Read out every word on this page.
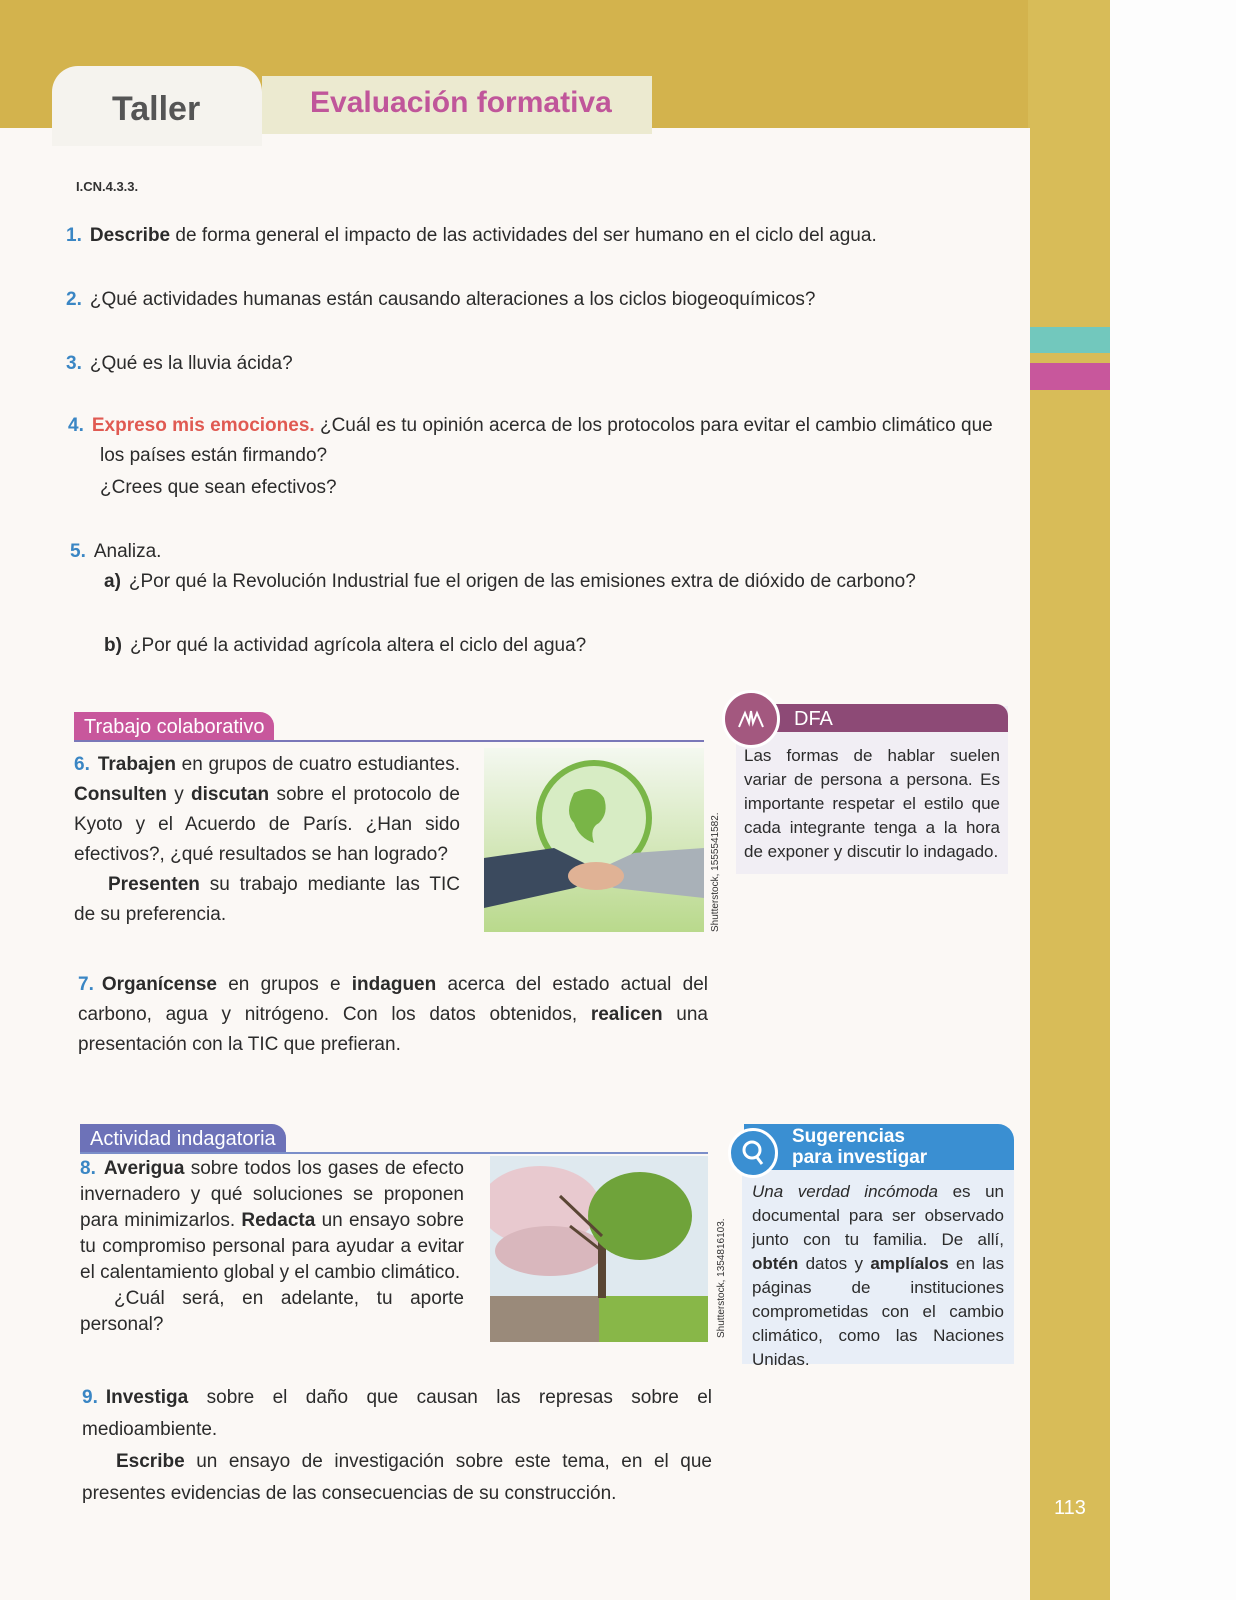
Taller	Evaluación formativa
I.CN.4.3.3.
1. Describe de forma general el impacto de las actividades del ser humano en el ciclo del agua.
2. ¿Qué actividades humanas están causando alteraciones a los ciclos biogeoquímicos?
3. ¿Qué es la lluvia ácida?
4. Expreso mis emociones. ¿Cuál es tu opinión acerca de los protocolos para evitar el cambio climático que
los países están firmando?
¿Crees que sean efectivos?
5. Analiza.
a) ¿Por qué la Revolución Industrial fue el origen de las emisiones extra de dióxido de carbono?
b) ¿Por qué la actividad agrícola altera el ciclo del agua?
Trabajo colaborativo
6. Trabajen en grupos de cuatro estudiantes. Consulten y discutan sobre el protocolo de Kyoto y el Acuerdo de París. ¿Han sido efectivos?, ¿qué resultados se han logrado?
Presenten su trabajo mediante las TIC de su preferencia.	Shutterstock, 1555541582.
7. Organícense en grupos e indaguen acerca del estado actual del carbono, agua y nitrógeno. Con los datos obtenidos, realicen una presentación con la TIC que prefieran.
DFA
Las formas de hablar suelen variar de persona a persona. Es importante respetar el estilo que cada integrante tenga a la hora de exponer y discutir lo indagado.
Actividad indagatoria
8. Averigua sobre todos los gases de efecto invernadero y qué soluciones se proponen para minimizarlos. Redacta un ensayo sobre tu compromiso personal para ayudar a evitar el calentamiento global y el cambio climático.
¿Cuál será, en adelante, tu aporte personal?	Shutterstock, 1354816103.
9. Investiga sobre el daño que causan las represas sobre el medioambiente.
Escribe un ensayo de investigación sobre este tema, en el que presentes evidencias de las consecuencias de su construcción.
Sugerencias
para investigar
Una verdad incómoda es un documental para ser observado junto con tu familia. De allí, obtén datos y amplíalos en las páginas de instituciones comprometidas con el cambio climático, como las Naciones Unidas.
113
